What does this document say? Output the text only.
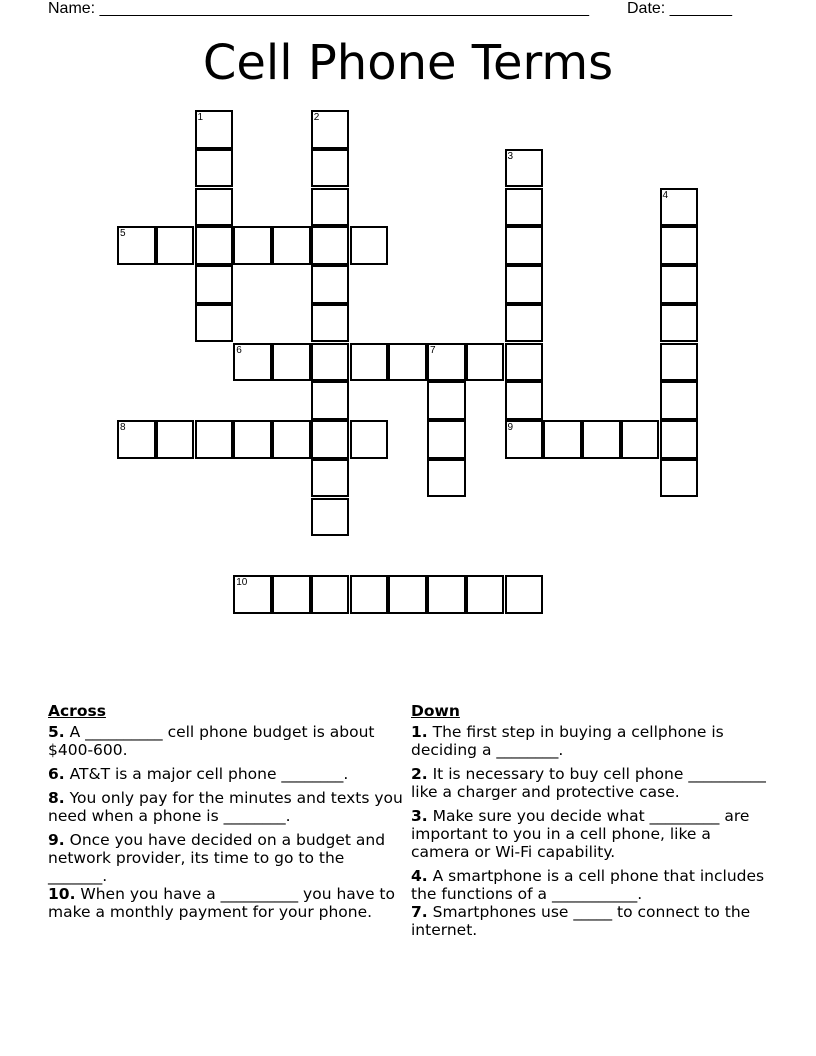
Name: _______________________________________________________ Date: _______
Cell Phone Terms
1	2
3
9
4
5
6	7
8
10
Across
5. A __________ cell phone budget is about $400-600.
6. AT&T is a major cell phone ________.
8. You only pay for the minutes and texts you need when a phone is ________.
9. Once you have decided on a budget and network provider, its time to go to the _______.
10. When you have a __________ you have to make a monthly payment for your phone.
Down
1. The first step in buying a cellphone is deciding a ________.
2. It is necessary to buy cell phone __________ like a charger and protective case.
3. Make sure you decide what _________ are important to you in a cell phone, like a camera or Wi-Fi capability.
4. A smartphone is a cell phone that includes the functions of a ___________.
7. Smartphones use _____ to connect to the internet.
